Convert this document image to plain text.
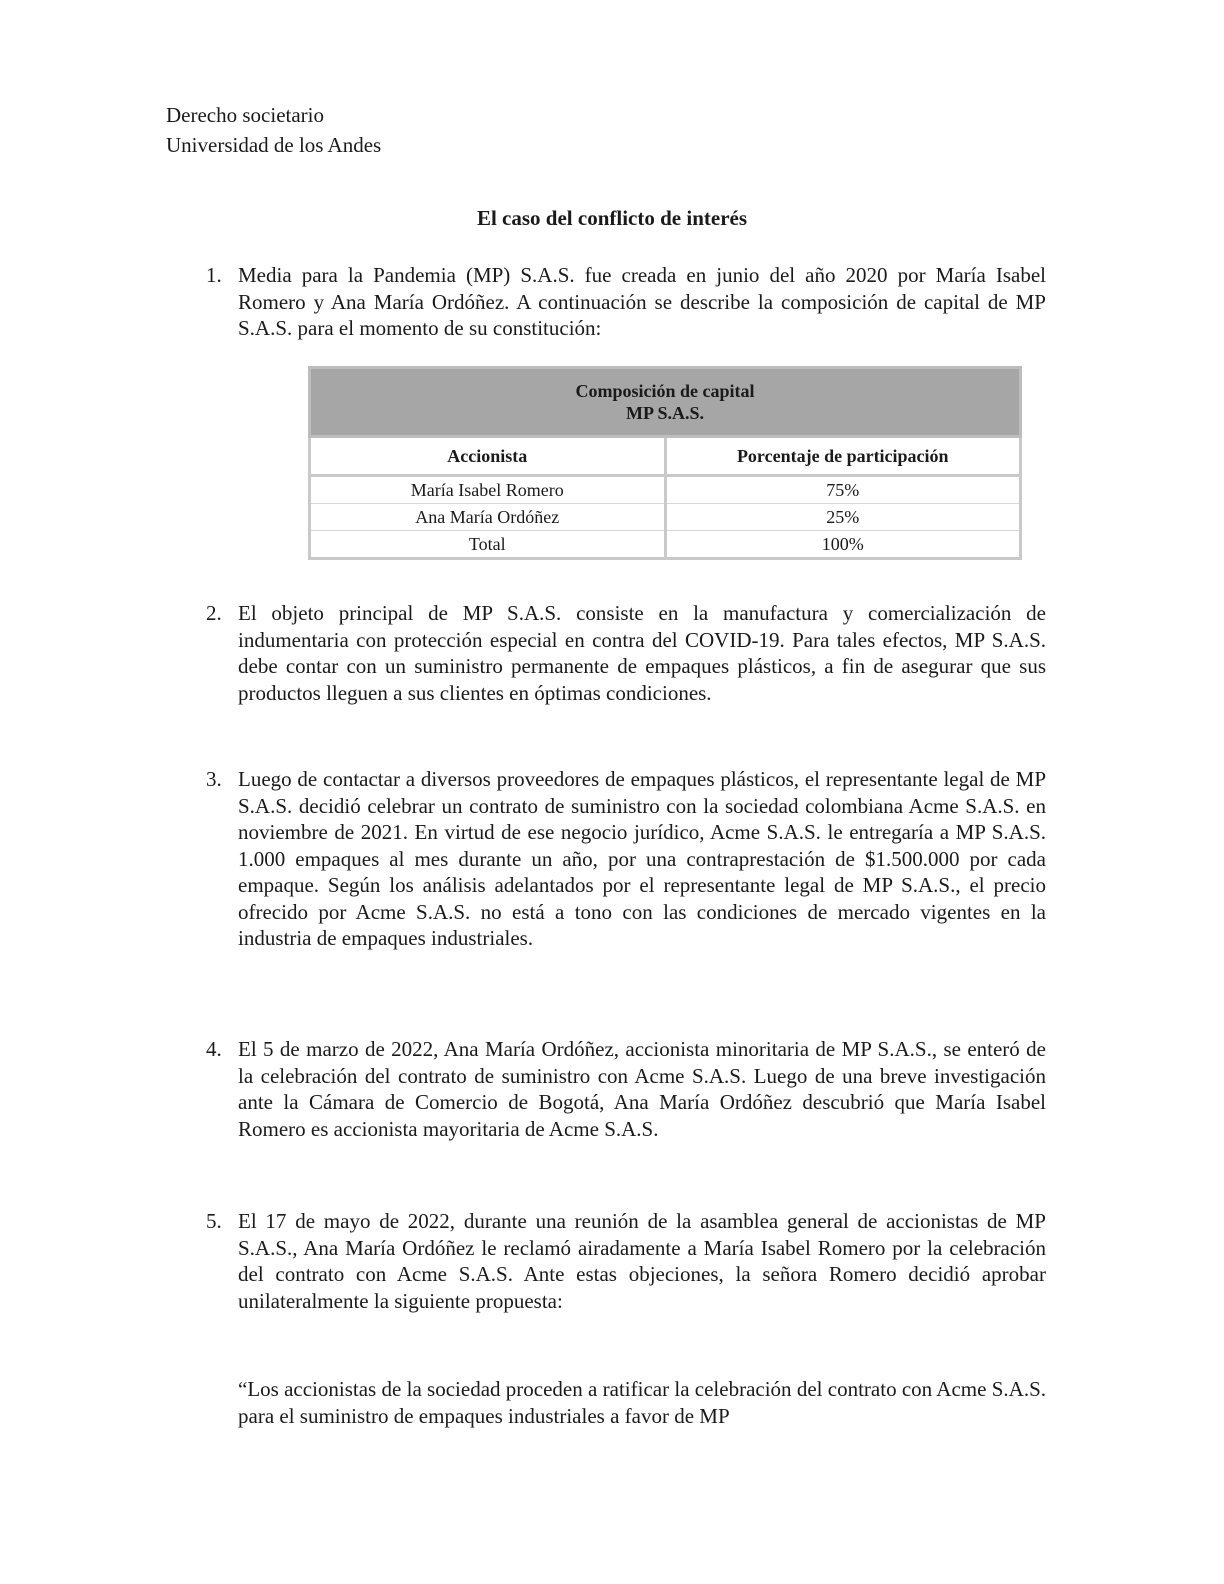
Derecho societario
Universidad de los Andes
El caso del conflicto de interés
1. Media para la Pandemia (MP) S.A.S. fue creada en junio del año 2020 por María Isabel Romero y Ana María Ordóñez. A continuación se describe la composición de capital de MP S.A.S. para el momento de su constitución:
Composición de capital
MP S.A.S.	

Accionista	Porcentaje de participación
María Isabel Romero	75%
Ana María Ordóñez	25%
Total	100%
2. El objeto principal de MP S.A.S. consiste en la manufactura y comercialización de indumentaria con protección especial en contra del COVID-19. Para tales efectos, MP S.A.S. debe contar con un suministro permanente de empaques plásticos, a fin de asegurar que sus productos lleguen a sus clientes en óptimas condiciones.
3. Luego de contactar a diversos proveedores de empaques plásticos, el representante legal de MP S.A.S. decidió celebrar un contrato de suministro con la sociedad colombiana Acme S.A.S. en noviembre de 2021. En virtud de ese negocio jurídico, Acme S.A.S. le entregaría a MP S.A.S. 1.000 empaques al mes durante un año, por una contraprestación de $1.500.000 por cada empaque. Según los análisis adelantados por el representante legal de MP S.A.S., el precio ofrecido por Acme S.A.S. no está a tono con las condiciones de mercado vigentes en la industria de empaques industriales.
4. El 5 de marzo de 2022, Ana María Ordóñez, accionista minoritaria de MP S.A.S., se enteró de la celebración del contrato de suministro con Acme S.A.S. Luego de una breve investigación ante la Cámara de Comercio de Bogotá, Ana María Ordóñez descubrió que María Isabel Romero es accionista mayoritaria de Acme S.A.S.
5. El 17 de mayo de 2022, durante una reunión de la asamblea general de accionistas de MP S.A.S., Ana María Ordóñez le reclamó airadamente a María Isabel Romero por la celebración del contrato con Acme S.A.S. Ante estas objeciones, la señora Romero decidió aprobar unilateralmente la siguiente propuesta:
“Los accionistas de la sociedad proceden a ratificar la celebración del contrato con Acme S.A.S. para el suministro de empaques industriales a favor de MP
